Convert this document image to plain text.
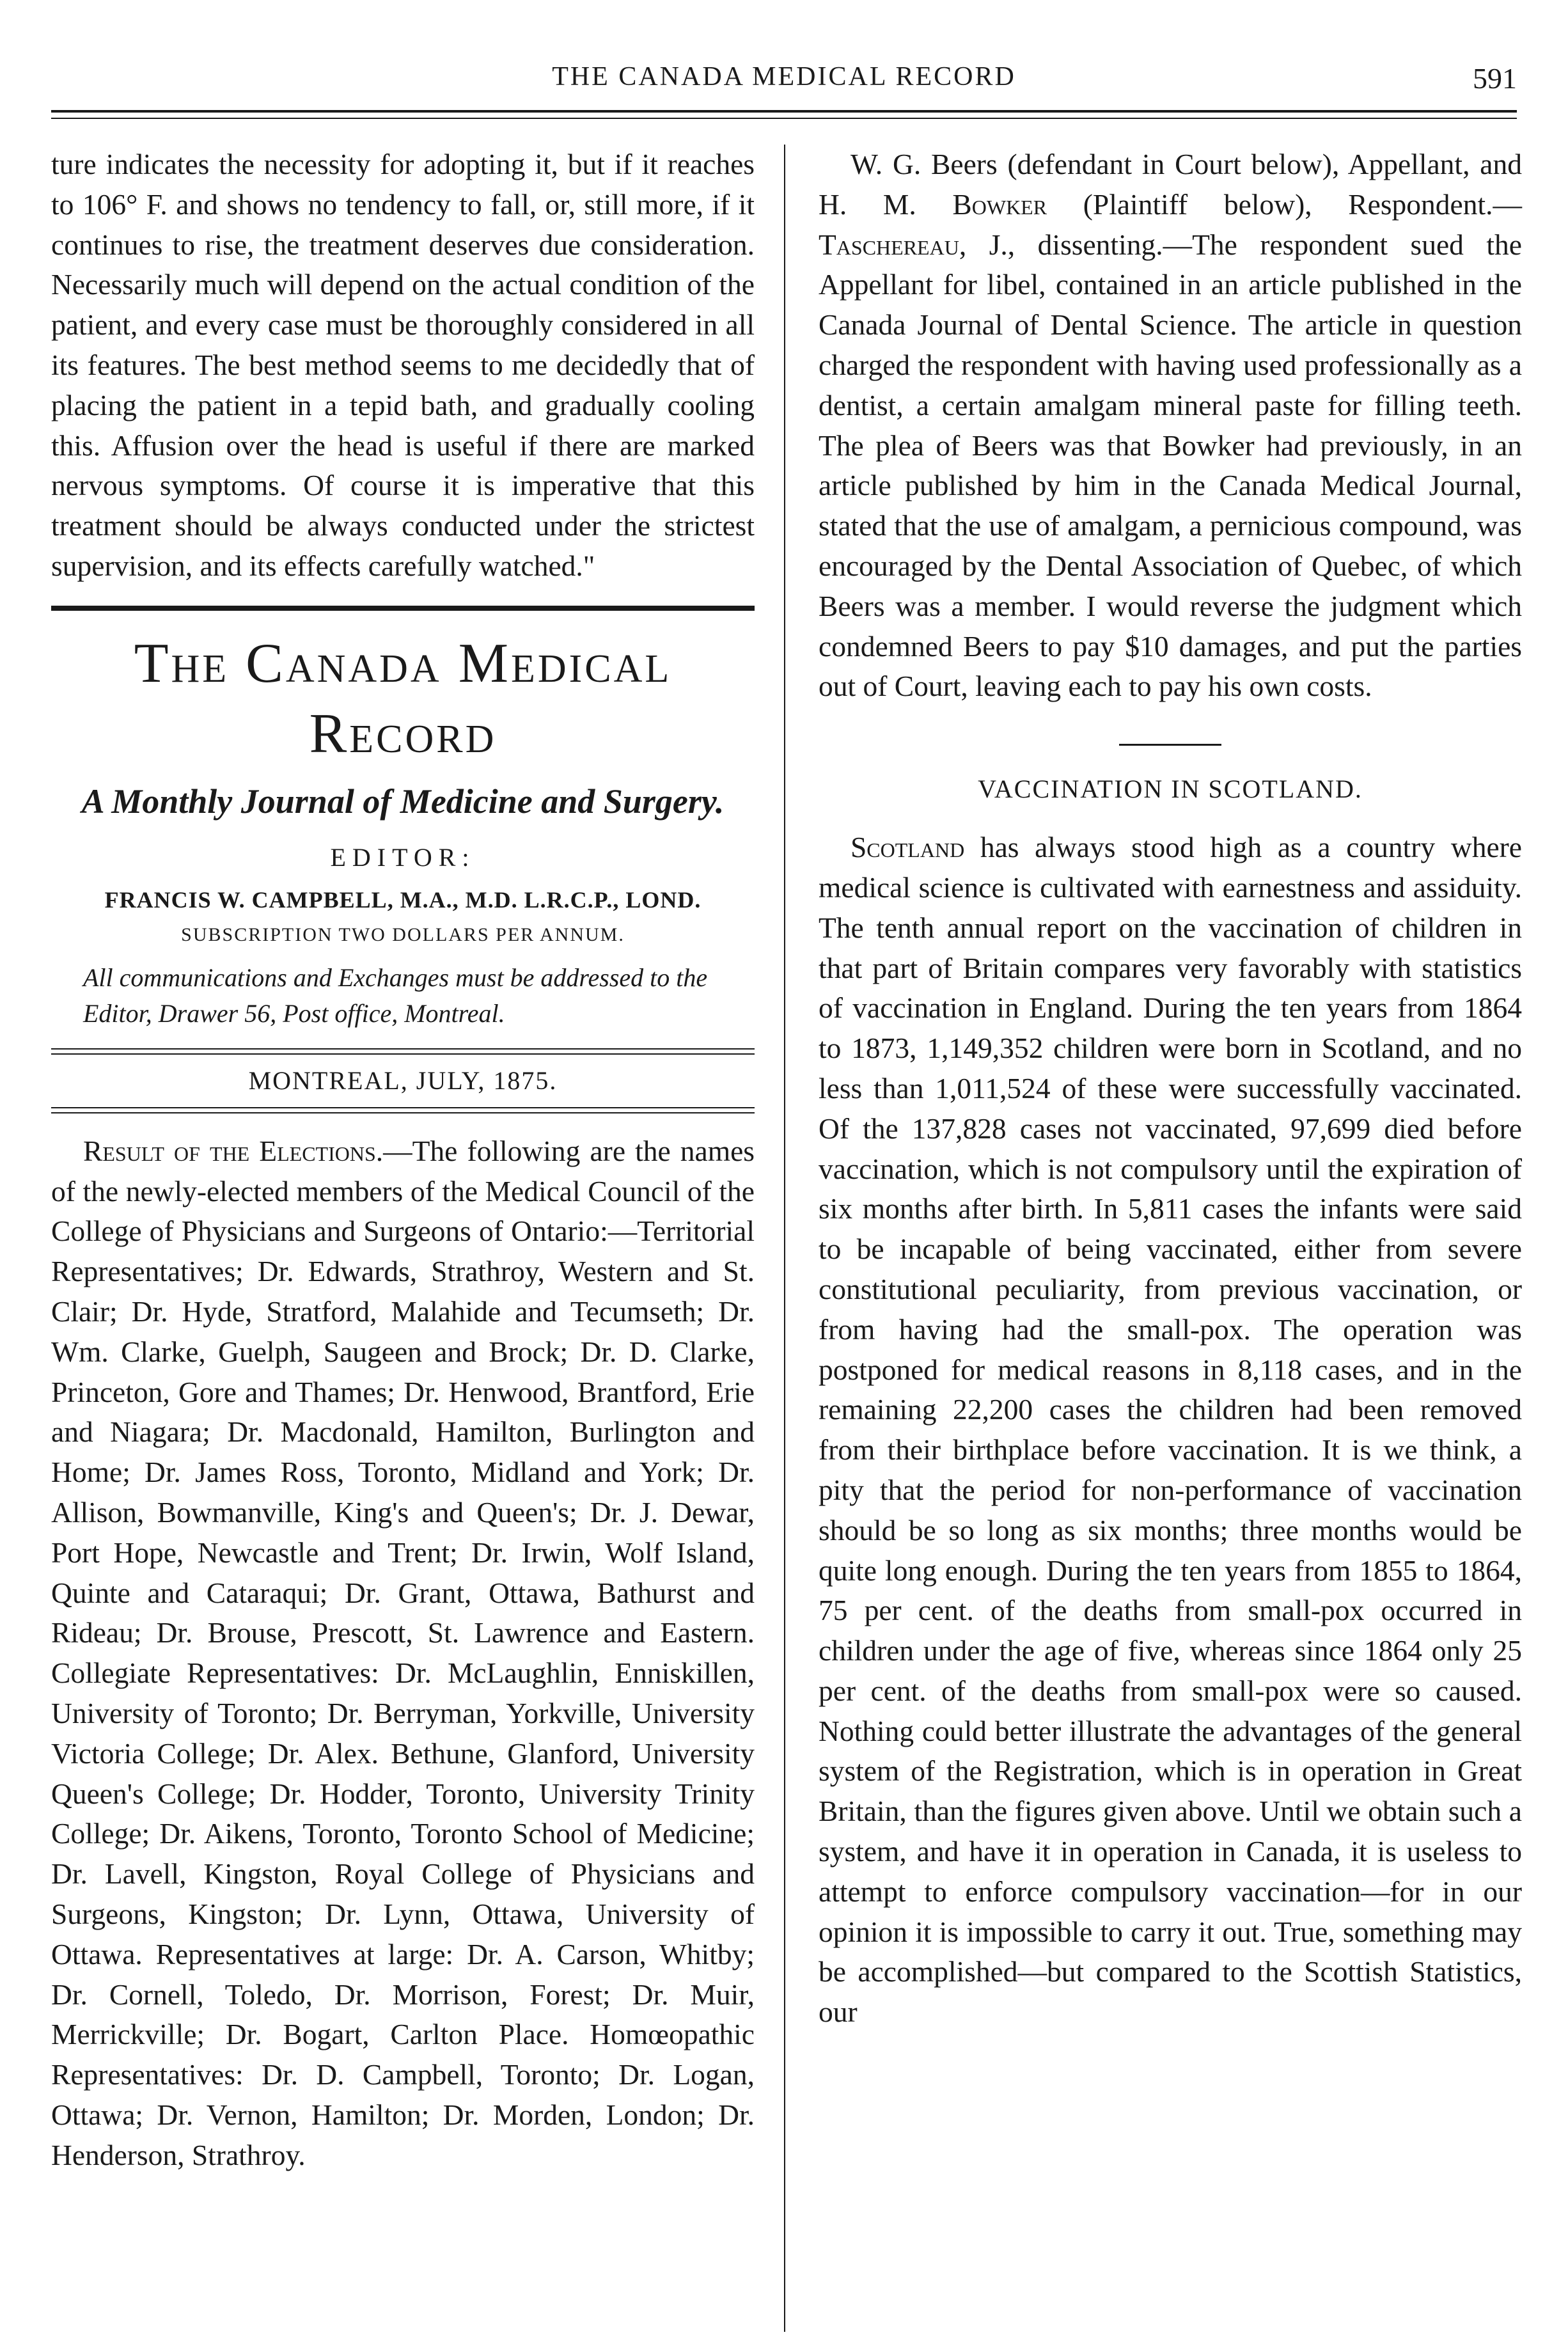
THE CANADA MEDICAL RECORD	591

ture indicates the necessity for adopting it, but if it reaches to 106° F. and shows no tendency to fall, or, still more, if it continues to rise, the treatment deserves due consideration. Necessarily much will depend on the actual condition of the patient, and every case must be thoroughly considered in all its features. The best method seems to me decidedly that of placing the patient in a tepid bath, and gradually cooling this. Affusion over the head is useful if there are marked nervous symptoms. Of course it is imperative that this treatment should be always conducted under the strictest supervision, and its effects carefully watched."

The Canada Medical Record
A Monthly Journal of Medicine and Surgery.
EDITOR:
FRANCIS W. CAMPBELL, M.A., M.D. L.R.C.P., LOND.
SUBSCRIPTION TWO DOLLARS PER ANNUM.
All communications and Exchanges must be addressed to the Editor, Drawer 56, Post office, Montreal.
MONTREAL, JULY, 1875.

Result of the Elections.—The following are the names of the newly-elected members of the Medical Council of the College of Physicians and Surgeons of Ontario:—Territorial Representatives; Dr. Edwards, Strathroy, Western and St. Clair; Dr. Hyde, Stratford, Malahide and Tecumseth; Dr. Wm. Clarke, Guelph, Saugeen and Brock; Dr. D. Clarke, Princeton, Gore and Thames; Dr. Henwood, Brantford, Erie and Niagara; Dr. Macdonald, Hamilton, Burlington and Home; Dr. James Ross, Toronto, Midland and York; Dr. Allison, Bowmanville, King's and Queen's; Dr. J. Dewar, Port Hope, Newcastle and Trent; Dr. Irwin, Wolf Island, Quinte and Cataraqui; Dr. Grant, Ottawa, Bathurst and Rideau; Dr. Brouse, Prescott, St. Lawrence and Eastern. Collegiate Representatives: Dr. McLaughlin, Enniskillen, University of Toronto; Dr. Berryman, Yorkville, University Victoria College; Dr. Alex. Bethune, Glanford, University Queen's College; Dr. Hodder, Toronto, University Trinity College; Dr. Aikens, Toronto, Toronto School of Medicine; Dr. Lavell, Kingston, Royal College of Physicians and Surgeons, Kingston; Dr. Lynn, Ottawa, University of Ottawa. Representatives at large: Dr. A. Carson, Whitby; Dr. Cornell, Toledo, Dr. Morrison, Forest; Dr. Muir, Merrickville; Dr. Bogart, Carlton Place. Homœopathic Representatives: Dr. D. Campbell, Toronto; Dr. Logan, Ottawa; Dr. Vernon, Hamilton; Dr. Morden, London; Dr. Henderson, Strathroy.

W. G. Beers (defendant in Court below), Appellant, and H. M. Bowker (Plaintiff below), Respondent.—Taschereau, J., dissenting.—The respondent sued the Appellant for libel, contained in an article published in the Canada Journal of Dental Science. The article in question charged the respondent with having used professionally as a dentist, a certain amalgam mineral paste for filling teeth. The plea of Beers was that Bowker had previously, in an article published by him in the Canada Medical Journal, stated that the use of amalgam, a pernicious compound, was encouraged by the Dental Association of Quebec, of which Beers was a member. I would reverse the judgment which condemned Beers to pay $10 damages, and put the parties out of Court, leaving each to pay his own costs.

VACCINATION IN SCOTLAND.

Scotland has always stood high as a country where medical science is cultivated with earnestness and assiduity. The tenth annual report on the vaccination of children in that part of Britain compares very favorably with statistics of vaccination in England. During the ten years from 1864 to 1873, 1,149,352 children were born in Scotland, and no less than 1,011,524 of these were successfully vaccinated. Of the 137,828 cases not vaccinated, 97,699 died before vaccination, which is not compulsory until the expiration of six months after birth. In 5,811 cases the infants were said to be incapable of being vaccinated, either from severe constitutional peculiarity, from previous vaccination, or from having had the small-pox. The operation was postponed for medical reasons in 8,118 cases, and in the remaining 22,200 cases the children had been removed from their birthplace before vaccination. It is we think, a pity that the period for non-performance of vaccination should be so long as six months; three months would be quite long enough. During the ten years from 1855 to 1864, 75 per cent. of the deaths from small-pox occurred in children under the age of five, whereas since 1864 only 25 per cent. of the deaths from small-pox were so caused. Nothing could better illustrate the advantages of the general system of the Registration, which is in operation in Great Britain, than the figures given above. Until we obtain such a system, and have it in operation in Canada, it is useless to attempt to enforce compulsory vaccination—for in our opinion it is impossible to carry it out. True, something may be accomplished—but compared to the Scottish Statistics, our
